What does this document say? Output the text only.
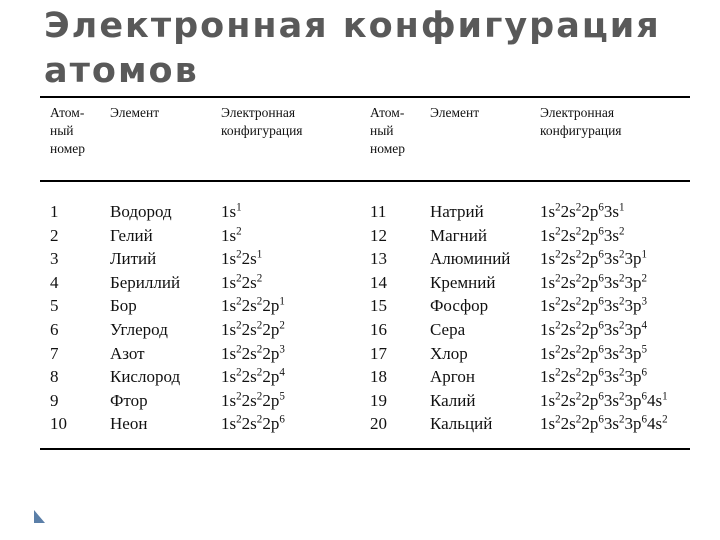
Электронная конфигурация атомов
Атом-
ный
номер
Элемент	Электронная
конфигурация
Атом-
ный
номер
Элемент	Электронная
конфигурация
1	Водород	$1s^1$	11	Натрий	$1s^22s^22p^63s^1$
2	Гелий	$1s^2$	12	Магний	$1s^22s^22p^63s^2$
3	Литий	$1s^22s^1$	13	Алюминий $1s^22s^22p^63s^23p^1$
4	Бериллий $1s^22s^2$	14	Кремний	$1s^22s^22p^63s^23p^2$
5	Бор	$1s^22s^22p^1$	15	Фосфор	$1s^22s^22p^63s^23p^3$
6	Углерод	$1s^22s^22p^2$	16	Сера	$1s^22s^22p^63s^23p^4$
7	Азот	$1s^22s^22p^3$	17	Хлор	$1s^22s^22p^63s^23p^5$
8	Кислород $1s^22s^22p^4$	18	Аргон	$1s^22s^22p^63s^23p^6$
9	Фтор	$1s^22s^22p^5$	19	Калий	$1s^22s^22p^63s^23p^64s^1$
10	Неон	$1s^22s^22p^6$	20	Кальций	$1s^22s^22p^63s^23p^64s^2$
